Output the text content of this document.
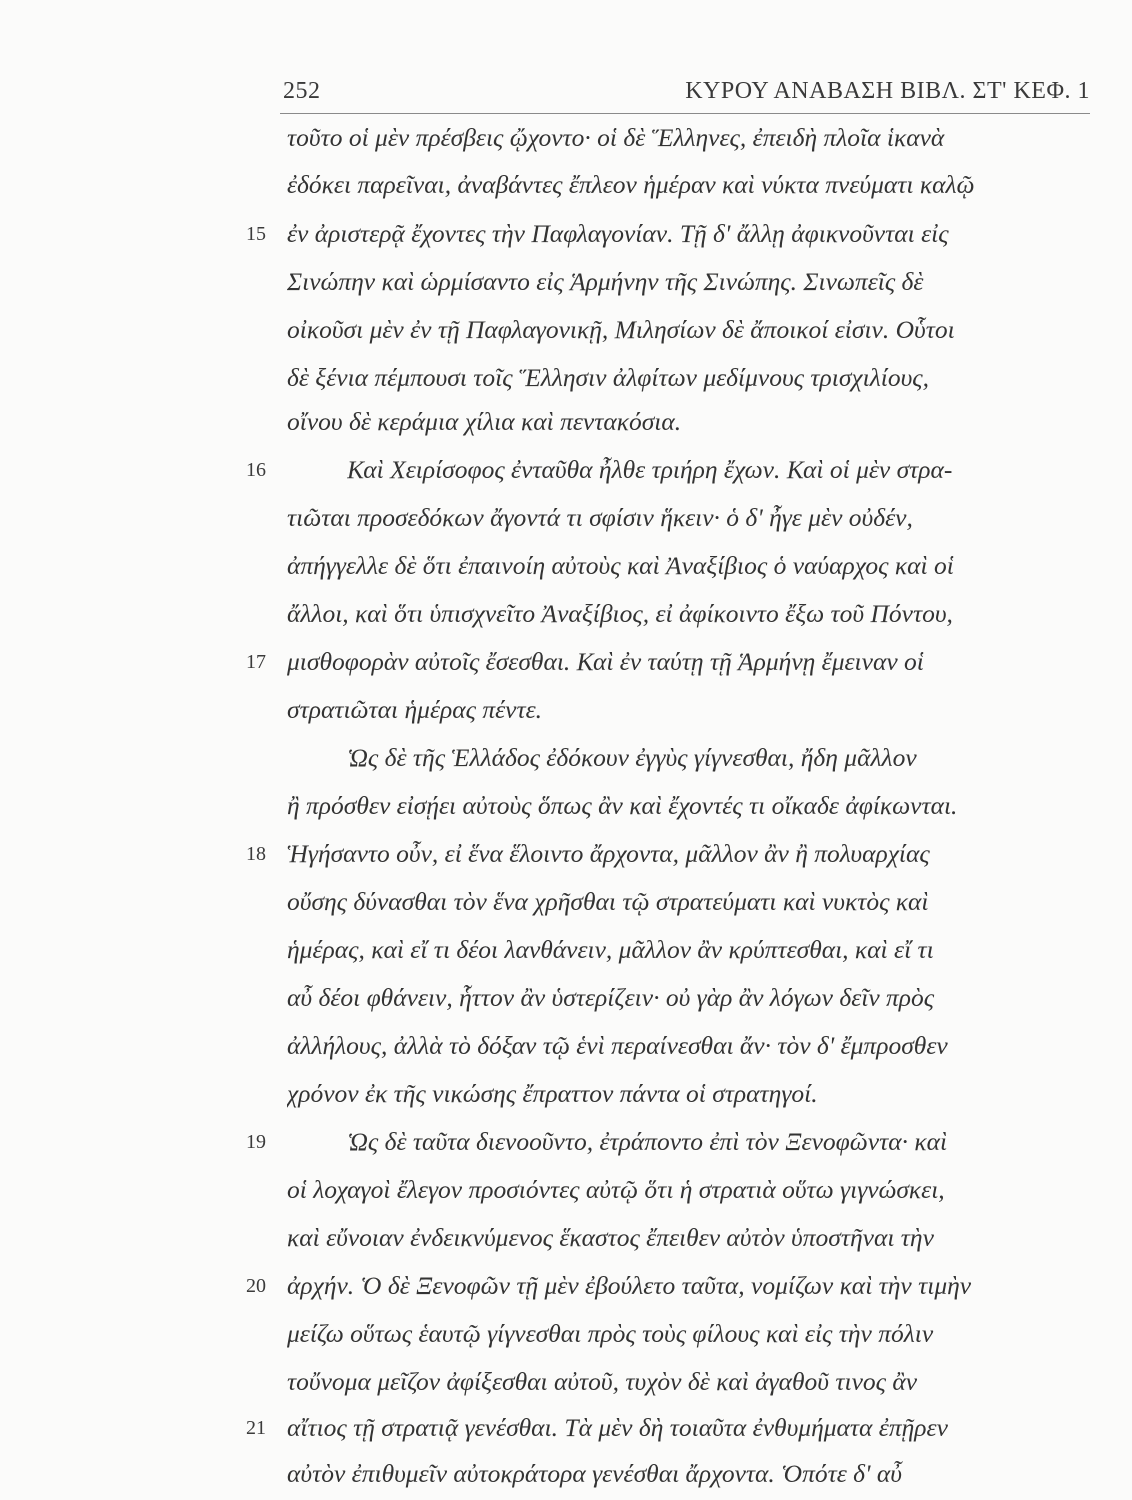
252	ΚΥΡΟΥ ΑΝΑΒΑΣΗ ΒΙΒΛ. ΣΤ' ΚΕΦ. 1
τοῦτο οἱ μὲν πρέσβεις ᾤχοντο· οἱ δὲ Ἕλληνες, ἐπειδὴ πλοῖα ἱκανὰ
ἐδόκει παρεῖναι, ἀναβάντες ἔπλεον ἡμέραν καὶ νύκτα πνεύματι καλῷ
15 ἐν ἀριστερᾷ ἔχοντες τὴν Παφλαγονίαν. Τῇ δ' ἄλλῃ ἀφικνοῦνται εἰς
Σινώπην καὶ ὡρμίσαντο εἰς Ἁρμήνην τῆς Σινώπης. Σινωπεῖς δὲ
οἰκοῦσι μὲν ἐν τῇ Παφλαγονικῇ, Μιλησίων δὲ ἄποικοί εἰσιν. Οὗτοι
δὲ ξένια πέμπουσι τοῖς Ἕλλησιν ἀλφίτων μεδίμνους τρισχιλίους,
οἴνου δὲ κεράμια χίλια καὶ πεντακόσια.
16	Καὶ Χειρίσοφος ἐνταῦθα ἦλθε τριήρη ἔχων. Καὶ οἱ μὲν στρα-
τιῶται προσεδόκων ἄγοντά τι σφίσιν ἥκειν· ὁ δ' ἦγε μὲν οὐδέν,
ἀπήγγελλε δὲ ὅτι ἐπαινοίη αὐτοὺς καὶ Ἀναξίβιος ὁ ναύαρχος καὶ οἱ
ἄλλοι, καὶ ὅτι ὑπισχνεῖτο Ἀναξίβιος, εἰ ἀφίκοιντο ἔξω τοῦ Πόντου,
17 μισθοφορὰν αὐτοῖς ἔσεσθαι. Καὶ ἐν ταύτῃ τῇ Ἁρμήνῃ ἔμειναν οἱ
στρατιῶται ἡμέρας πέντε.
Ὡς δὲ τῆς Ἑλλάδος ἐδόκουν ἐγγὺς γίγνεσθαι, ἤδη μᾶλλον
ἢ πρόσθεν εἰσῄει αὐτοὺς ὅπως ἂν καὶ ἔχοντές τι οἴκαδε ἀφίκωνται.
18 Ἡγήσαντο οὖν, εἰ ἕνα ἕλοιντο ἄρχοντα, μᾶλλον ἂν ἢ πολυαρχίας
οὔσης δύνασθαι τὸν ἕνα χρῆσθαι τῷ στρατεύματι καὶ νυκτὸς καὶ
ἡμέρας, καὶ εἴ τι δέοι λανθάνειν, μᾶλλον ἂν κρύπτεσθαι, καὶ εἴ τι
αὖ δέοι φθάνειν, ἧττον ἂν ὑστερίζειν· οὐ γὰρ ἂν λόγων δεῖν πρὸς
ἀλλήλους, ἀλλὰ τὸ δόξαν τῷ ἑνὶ περαίνεσθαι ἄν· τὸν δ' ἔμπροσθεν
χρόνον ἐκ τῆς νικώσης ἔπραττον πάντα οἱ στρατηγοί.
19	Ὡς δὲ ταῦτα διενοοῦντο, ἐτράποντο ἐπὶ τὸν Ξενοφῶντα· καὶ
οἱ λοχαγοὶ ἔλεγον προσιόντες αὐτῷ ὅτι ἡ στρατιὰ οὕτω γιγνώσκει,
καὶ εὔνοιαν ἐνδεικνύμενος ἕκαστος ἔπειθεν αὐτὸν ὑποστῆναι τὴν
20 ἀρχήν. Ὁ δὲ Ξενοφῶν τῇ μὲν ἐβούλετο ταῦτα, νομίζων καὶ τὴν τιμὴν
μείζω οὕτως ἑαυτῷ γίγνεσθαι πρὸς τοὺς φίλους καὶ εἰς τὴν πόλιν
τοὔνομα μεῖζον ἀφίξεσθαι αὐτοῦ, τυχὸν δὲ καὶ ἀγαθοῦ τινος ἂν
21 αἴτιος τῇ στρατιᾷ γενέσθαι. Τὰ μὲν δὴ τοιαῦτα ἐνθυμήματα ἐπῇρεν
αὐτὸν ἐπιθυμεῖν αὐτοκράτορα γενέσθαι ἄρχοντα. Ὁπότε δ' αὖ
